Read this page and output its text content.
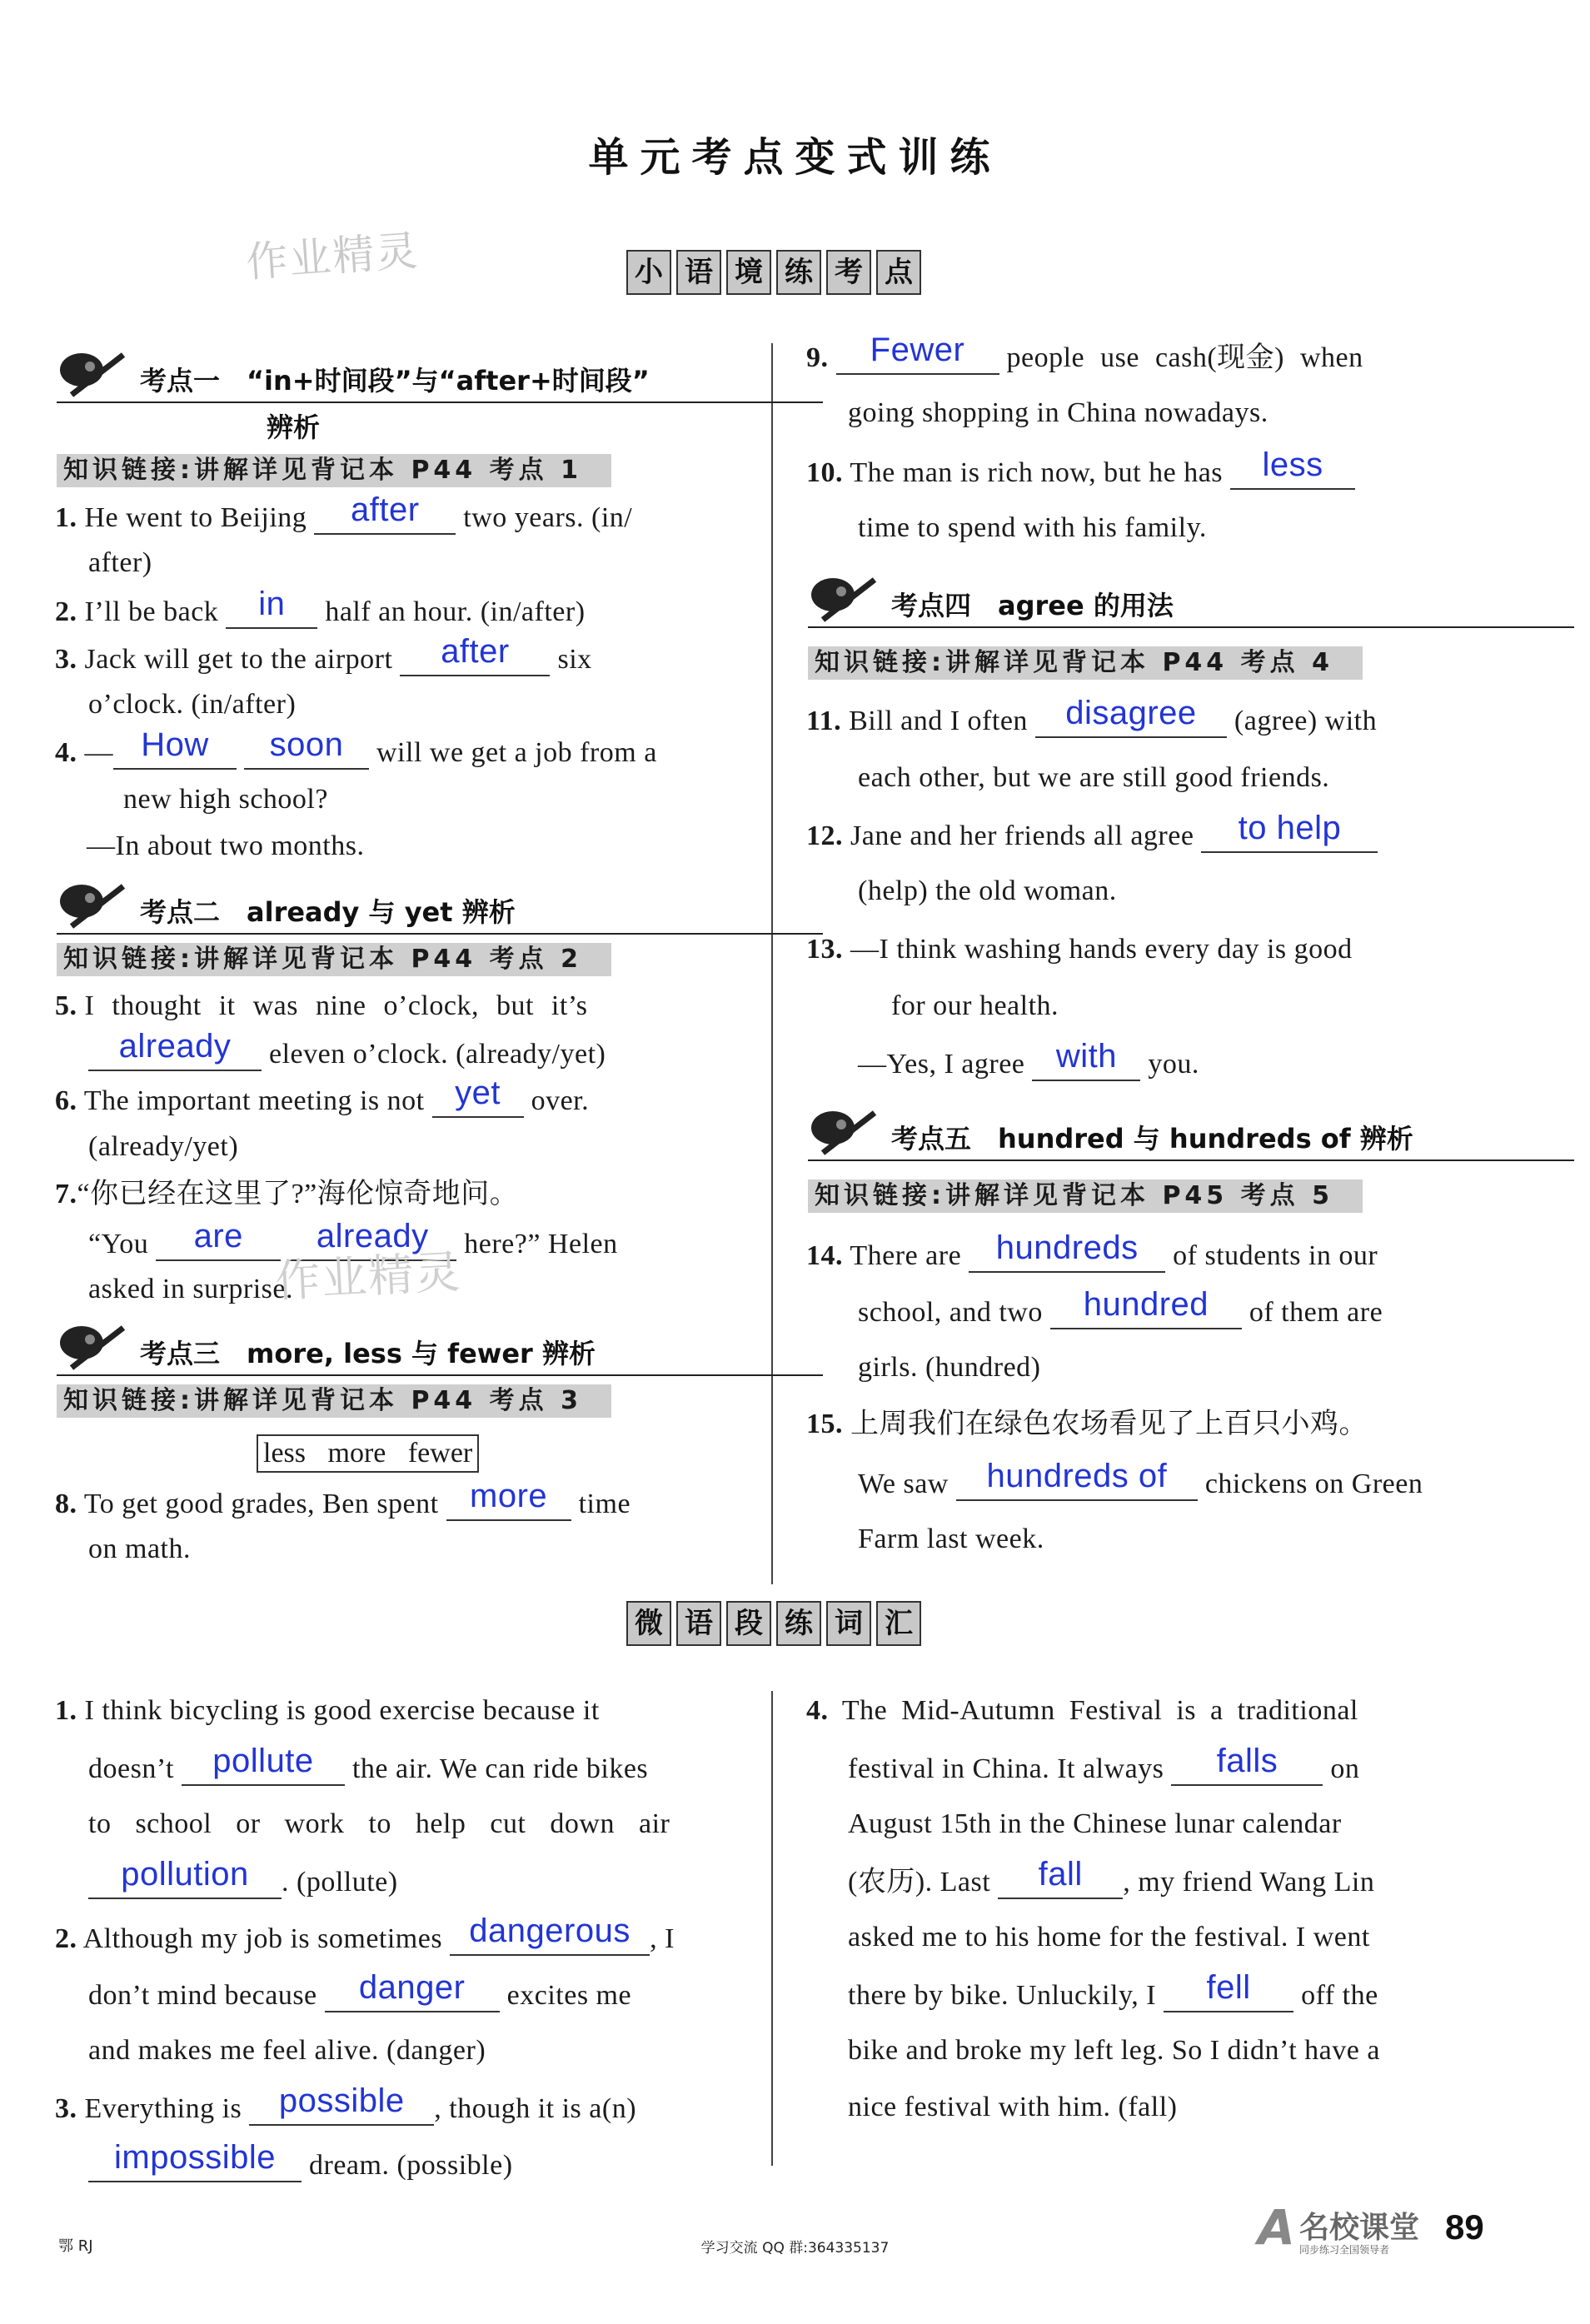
单元考点变式训练
作业精灵	小 语 境 练 考 点
考点一　“in+时间段”与“after+时间段”
辨析
知识链接:讲解详见背记本 P44 考点 1
1. He went to Beijing	after	two years. (in/
after)
2. I’ll be back	in	half an hour. (in/after)
3. Jack will get to the airport	after	six
o’clock. (in/after)
4. — How
	soon	will we get a job from a
new high school?
—In about two months.
考点二　already 与 yet 辨析
知识链接:讲解详见背记本 P44 考点 2
5. I thought it was nine o’clock, but it’s
already	eleven o’clock. (already/yet)
6. The important meeting is not yet	over.
(already/yet)
7.“你已经在这里了?”海伦惊奇地问。
“You	are
	already	here?” Helen
asked in surprise.
作业精灵
考点三　more, less 与 fewer 辨析
知识链接:讲解详见背记本 P44 考点 3
less more fewer
8. To get good grades, Ben spent more	time
on math.
9.	Fewer	people use cash(现金) when
going shopping in China nowadays.
10. The man is rich now, but he has	less
time to spend with his family.
考点四　agree 的用法
知识链接:讲解详见背记本 P44 考点 4
11. Bill and I often	disagree	(agree) with
each other, but we are still good friends.
12. Jane and her friends all agree	to help
(help) the old woman.
13. —I think washing hands every day is good
for our health.
—Yes, I agree with	you.
考点五　hundred 与 hundreds of 辨析
知识链接:讲解详见背记本 P45 考点 5
14. There are	hundreds	of students in our
school, and two	hundred	of them are
girls. (hundred)
15. 上周我们在绿色农场看见了上百只小鸡。
We saw	hundreds of	chickens on Green
Farm last week.
微 语 段 练 词 汇
1. I think bicycling is good exercise because it
doesn’t	pollute	the air. We can ride bikes
to school or work to help cut down air
pollution	. (pollute)
2. Although my job is sometimes dangerous , I
don’t mind because	danger	excites me
and makes me feel alive. (danger)
3. Everything is	possible	, though it is a(n)
impossible	dream. (possible)
4. The Mid-Autumn Festival is a traditional
festival in China. It always	falls	on
August 15th in the Chinese lunar calendar
(农历). Last	fall	, my friend Wang Lin
asked me to his home for the festival. I went
there by bike. Unluckily, I	fell	off the
bike and broke my left leg. So I didn’t have a
nice festival with him. (fall)
鄂 RJ	学习交流 QQ 群:364335137	A 名校课堂
同步练习全国领导者
89
